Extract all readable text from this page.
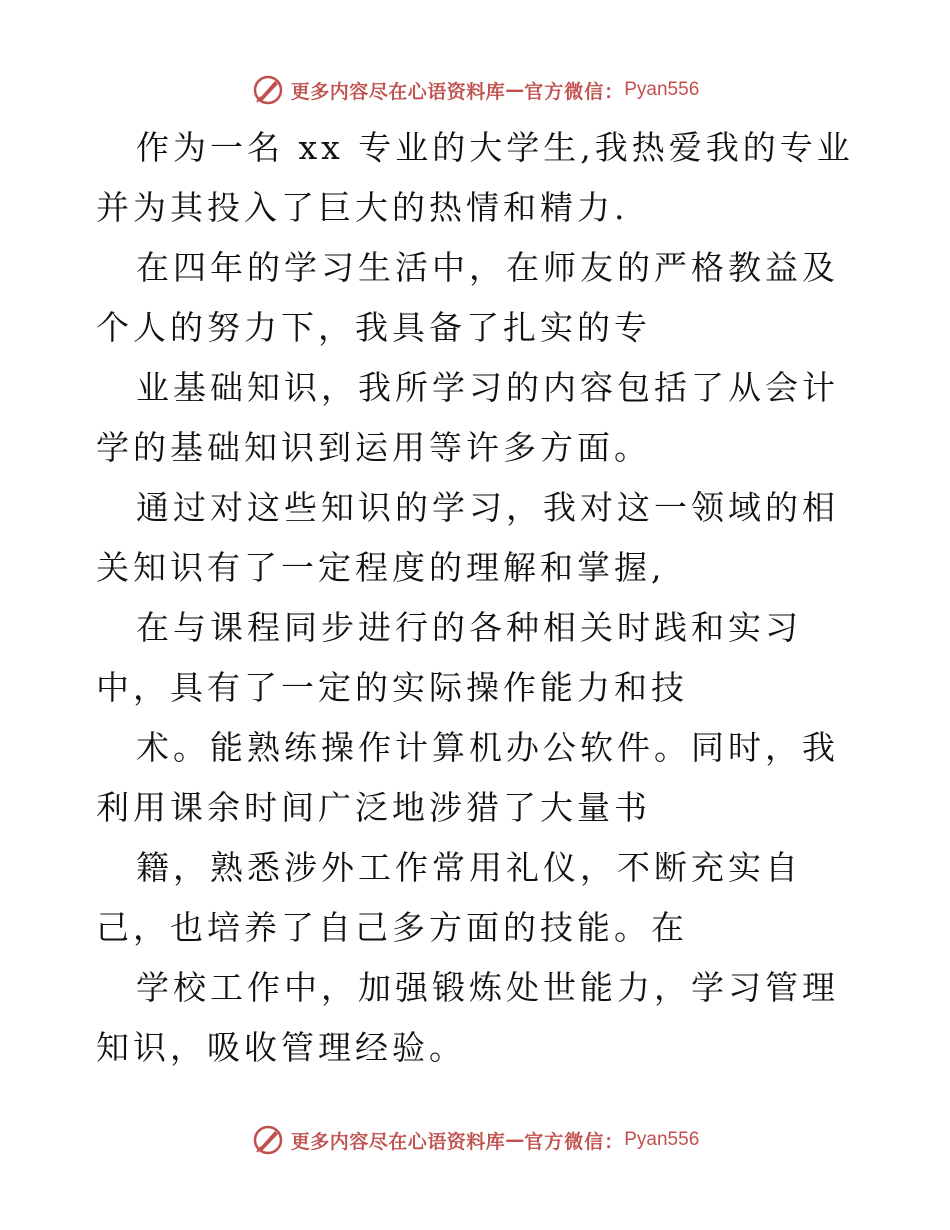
更多内容尽在心语资料库 — 官方微信： Pyan556

作为一名 xx 专业的大学生,我热爱我的专业并为其投入了巨大的热情和精力.

在四年的学习生活中，在师友的严格教益及个人的努力下，我具备了扎实的专

业基础知识，我所学习的内容包括了从会计学的基础知识到运用等许多方面。

通过对这些知识的学习，我对这一领域的相关知识有了一定程度的理解和掌握,

在与课程同步进行的各种相关时践和实习中，具有了一定的实际操作能力和技

术。能熟练操作计算机办公软件。同时，我利用课余时间广泛地涉猎了大量书

籍，熟悉涉外工作常用礼仪，不断充实自己，也培养了自己多方面的技能。在

学校工作中，加强锻炼处世能力，学习管理知识，吸收管理经验。

更多内容尽在心语资料库 — 官方微信： Pyan556
